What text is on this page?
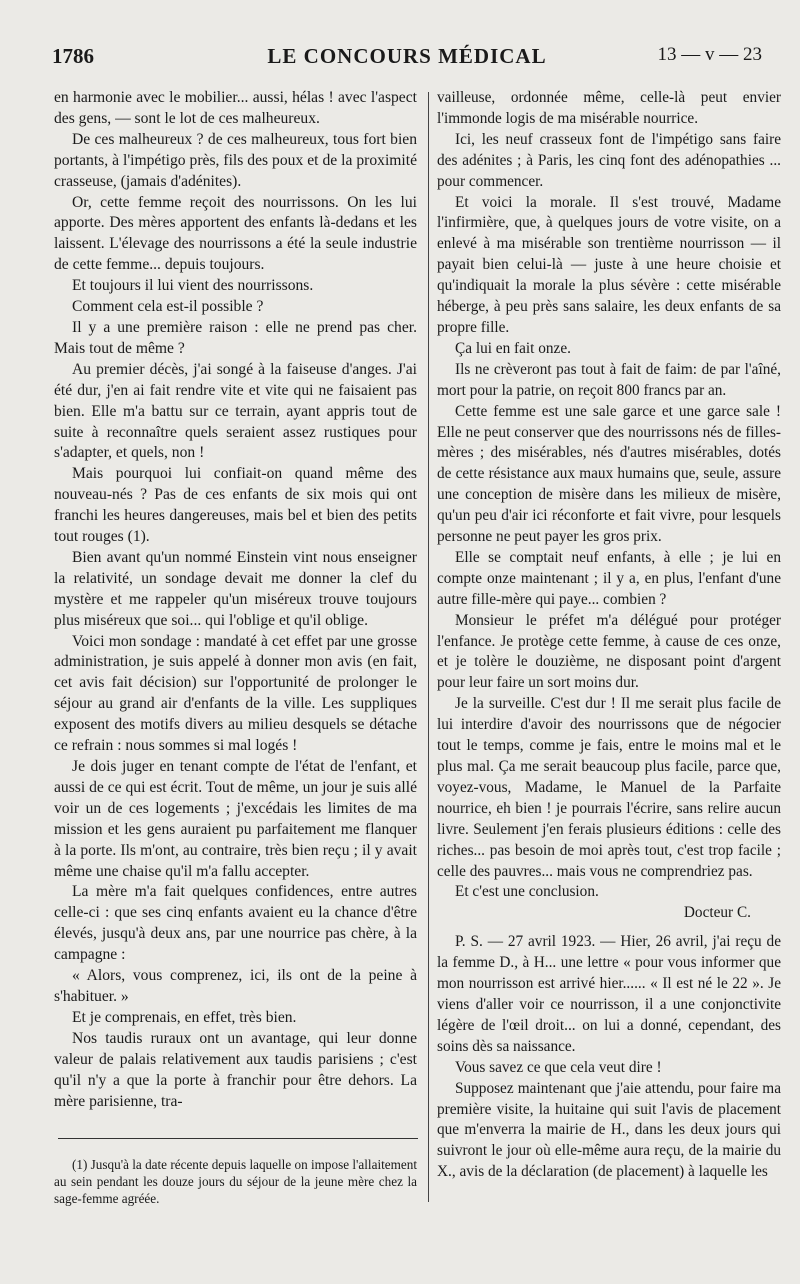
1786	LE CONCOURS MÉDICAL	13 — v — 23

en harmonie avec le mobilier... aussi, hélas ! avec l'aspect des gens, — sont le lot de ces malheureux.

De ces malheureux ? de ces malheureux, tous fort bien portants, à l'impétigo près, fils des poux et de la proximité crasseuse, (jamais d'adénites).

Or, cette femme reçoit des nourrissons. On les lui apporte. Des mères apportent des enfants là-dedans et les laissent. L'élevage des nourrissons a été la seule industrie de cette femme... depuis toujours.

Et toujours il lui vient des nourrissons.

Comment cela est-il possible ?

Il y a une première raison : elle ne prend pas cher. Mais tout de même ?

Au premier décès, j'ai songé à la faiseuse d'anges. J'ai été dur, j'en ai fait rendre vite et vite qui ne faisaient pas bien. Elle m'a battu sur ce terrain, ayant appris tout de suite à reconnaître quels seraient assez rustiques pour s'adapter, et quels, non !

Mais pourquoi lui confiait-on quand même des nouveau-nés ? Pas de ces enfants de six mois qui ont franchi les heures dangereuses, mais bel et bien des petits tout rouges (1).

Bien avant qu'un nommé Einstein vint nous enseigner la relativité, un sondage devait me donner la clef du mystère et me rappeler qu'un miséreux trouve toujours plus miséreux que soi... qui l'oblige et qu'il oblige.

Voici mon sondage : mandaté à cet effet par une grosse administration, je suis appelé à donner mon avis (en fait, cet avis fait décision) sur l'opportunité de prolonger le séjour au grand air d'enfants de la ville. Les suppliques exposent des motifs divers au milieu desquels se détache ce refrain : nous sommes si mal logés !

Je dois juger en tenant compte de l'état de l'enfant, et aussi de ce qui est écrit. Tout de même, un jour je suis allé voir un de ces logements ; j'excédais les limites de ma mission et les gens auraient pu parfaitement me flanquer à la porte. Ils m'ont, au contraire, très bien reçu ; il y avait même une chaise qu'il m'a fallu accepter.

La mère m'a fait quelques confidences, entre autres celle-ci : que ses cinq enfants avaient eu la chance d'être élevés, jusqu'à deux ans, par une nourrice pas chère, à la campagne :

« Alors, vous comprenez, ici, ils ont de la peine à s'habituer. »

Et je comprenais, en effet, très bien.

Nos taudis ruraux ont un avantage, qui leur donne valeur de palais relativement aux taudis parisiens ; c'est qu'il n'y a que la porte à franchir pour être dehors. La mère parisienne, tra-

vailleuse, ordonnée même, celle-là peut envier l'immonde logis de ma misérable nourrice.

Ici, les neuf crasseux font de l'impétigo sans faire des adénites ; à Paris, les cinq font des adénopathies ... pour commencer.

Et voici la morale. Il s'est trouvé, Madame l'infirmière, que, à quelques jours de votre visite, on a enlevé à ma misérable son trentième nourrisson — il payait bien celui-là — juste à une heure choisie et qu'indiquait la morale la plus sévère : cette misérable héberge, à peu près sans salaire, les deux enfants de sa propre fille.

Ça lui en fait onze.

Ils ne crèveront pas tout à fait de faim: de par l'aîné, mort pour la patrie, on reçoit 800 francs par an.

Cette femme est une sale garce et une garce sale ! Elle ne peut conserver que des nourrissons nés de filles-mères ; des misérables, nés d'autres misérables, dotés de cette résistance aux maux humains que, seule, assure une conception de misère dans les milieux de misère, qu'un peu d'air ici réconforte et fait vivre, pour lesquels personne ne peut payer les gros prix.

Elle se comptait neuf enfants, à elle ; je lui en compte onze maintenant ; il y a, en plus, l'enfant d'une autre fille-mère qui paye... combien ?

Monsieur le préfet m'a délégué pour protéger l'enfance. Je protège cette femme, à cause de ces onze, et je tolère le douzième, ne disposant point d'argent pour leur faire un sort moins dur.

Je la surveille. C'est dur ! Il me serait plus facile de lui interdire d'avoir des nourrissons que de négocier tout le temps, comme je fais, entre le moins mal et le plus mal. Ça me serait beaucoup plus facile, parce que, voyez-vous, Madame, le Manuel de la Parfaite nourrice, eh bien ! je pourrais l'écrire, sans relire aucun livre. Seulement j'en ferais plusieurs éditions : celle des riches... pas besoin de moi après tout, c'est trop facile ; celle des pauvres... mais vous ne comprendriez pas.

Et c'est une conclusion.

Docteur C.

P. S. — 27 avril 1923. — Hier, 26 avril, j'ai reçu de la femme D., à H... une lettre « pour vous informer que mon nourrisson est arrivé hier...... « Il est né le 22 ». Je viens d'aller voir ce nourrisson, il a une conjonctivite légère de l'œil droit... on lui a donné, cependant, des soins dès sa naissance.

Vous savez ce que cela veut dire !

Supposez maintenant que j'aie attendu, pour faire ma première visite, la huitaine qui suit l'avis de placement que m'enverra la mairie de H., dans les deux jours qui suivront le jour où elle-même aura reçu, de la mairie du X., avis de la déclaration (de placement) à laquelle les

(1) Jusqu'à la date récente depuis laquelle on impose l'allaitement au sein pendant les douze jours du séjour de la jeune mère chez la sage-femme agréée.
